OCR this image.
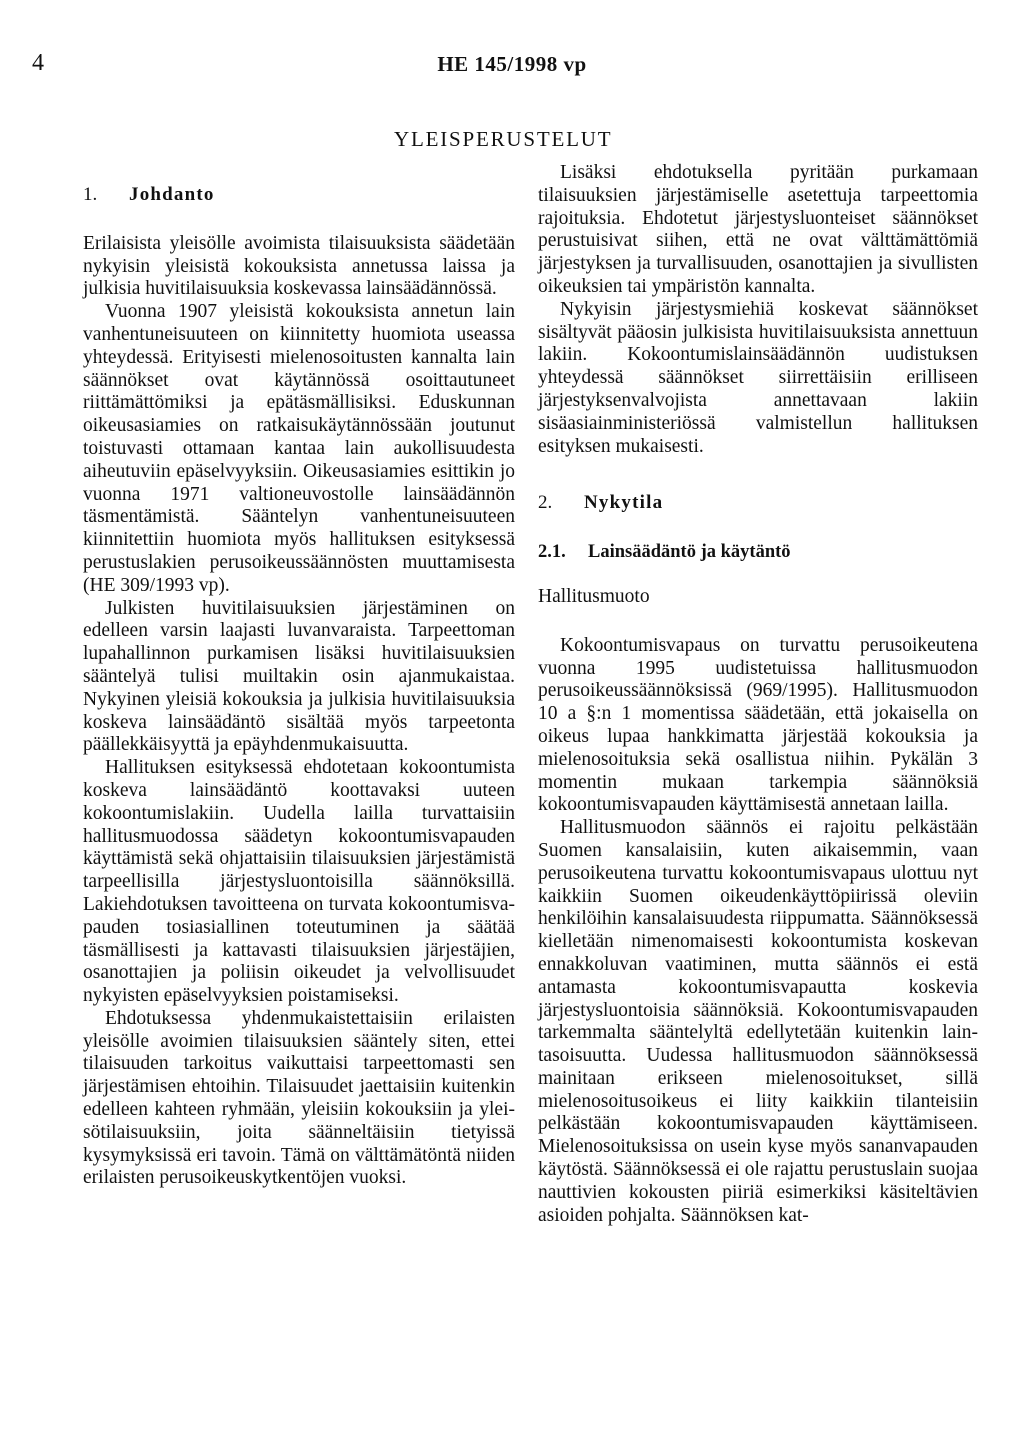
4	HE 145/1998 vp
YLEISPERUSTELUT

1. Johdanto

Erilaisista yleisölle avoimista tilaisuuksista säädetään nykyisin yleisistä kokouksista annetussa laissa ja julkisia huvitilaisuuksia koskevassa lainsäädännössä.

Vuonna 1907 yleisistä kokouksista annetun lain vanhentuneisuuteen on kiinnitetty huomiota useassa yhteydessä. Erityisesti mielenosoitusten kannalta lain säännökset ovat käytännössä osoittautuneet riittämättömiksi ja epätäsmällisiksi. Eduskunnan oikeusasiamies on ratkaisukäytännössään joutunut toistuvasti ottamaan kantaa lain aukollisuudesta aiheutuviin epäselvyyksiin. Oikeusasiamies esittikin jo vuonna 1971 valtioneuvostolle lainsäädännön täsmentämistä. Sääntelyn vanhentuneisuuteen kiinnitettiin huomiota myös hallituksen esityksessä perustuslakien perusoikeussäännösten muuttamisesta (HE 309/1993 vp).

Julkisten huvitilaisuuksien järjestäminen on edelleen varsin laajasti luvanvaraista. Tarpeettoman lupahallinnon purkamisen lisäksi huvitilaisuuksien sääntelyä tulisi muiltakin osin ajanmukaistaa. Nykyinen yleisiä kokouksia ja julkisia huvitilaisuuksia koskeva lainsäädäntö sisältää myös tarpeetonta päällekkäisyyttä ja epäyhdenmukaisuutta.

Hallituksen esityksessä ehdotetaan kokoontumista koskeva lainsäädäntö koottavaksi uuteen kokoontumislakiin. Uudella lailla turvattaisiin hallitusmuodossa säädetyn kokoontumisvapauden käyttämistä sekä ohjattaisiin tilaisuuksien järjestämistä tarpeellisilla järjestysluontoisilla säännöksillä. Lakiehdotuksen tavoitteena on turvata kokoontumisvapauden tosiasiallinen toteutuminen ja säätää täsmällisesti ja kattavasti tilaisuuksien järjestäjien, osanottajien ja poliisin oikeudet ja velvollisuudet nykyisten epäselvyyksien poistamiseksi.

Ehdotuksessa yhdenmukaistettaisiin erilaisten yleisölle avoimien tilaisuuksien sääntely siten, ettei tilaisuuden tarkoitus vaikuttaisi tarpeettomasti sen järjestämisen ehtoihin. Tilaisuudet jaettaisiin kuitenkin edelleen kahteen ryhmään, yleisiin kokouksiin ja yleisötilaisuuksiin, joita säänneltäisiin tietyissä kysymyksissä eri tavoin. Tämä on välttämätöntä niiden erilaisten perusoikeuskytkentöjen vuoksi.

Lisäksi ehdotuksella pyritään purkamaan tilaisuuksien järjestämiselle asetettuja tarpeettomia rajoituksia. Ehdotetut järjestysluonteiset säännökset perustuisivat siihen, että ne ovat välttämättömiä järjestyksen ja turvallisuuden, osanottajien ja sivullisten oikeuksien tai ympäristön kannalta.

Nykyisin järjestysmiehiä koskevat säännökset sisältyvät pääosin julkisista huvitilaisuuksista annettuun lakiin. Kokoontumislainsäädännön uudistuksen yhteydessä säännökset siirrettäisiin erilliseen järjestyksenvalvojista annettavaan lakiin sisäasiainministeriössä valmistellun hallituksen esityksen mukaisesti.

2. Nykytila

2.1. Lainsäädäntö ja käytäntö

Hallitusmuoto

Kokoontumisvapaus on turvattu perusoikeutena vuonna 1995 uudistetuissa hallitusmuodon perusoikeussäännöksissä (969/1995). Hallitusmuodon 10 a §:n 1 momentissa säädetään, että jokaisella on oikeus lupaa hankkimatta järjestää kokouksia ja mielenosoituksia sekä osallistua niihin. Pykälän 3 momentin mukaan tarkempia säännöksiä kokoontumisvapauden käyttämisestä annetaan lailla.

Hallitusmuodon säännös ei rajoitu pelkästään Suomen kansalaisiin, kuten aikaisemmin, vaan perusoikeutena turvattu kokoontumisvapaus ulottuu nyt kaikkiin Suomen oikeudenkäyttöpiirissä oleviin henkilöihin kansalaisuudesta riippumatta. Säännöksessä kielletään nimenomaisesti kokoontumista koskevan ennakkoluvan vaatiminen, mutta säännös ei estä antamasta kokoontumisvapautta koskevia järjestysluontoisia säännöksiä. Kokoontumisvapauden tarkemmalta sääntelyltä edellytetään kuitenkin laintasoisuutta. Uudessa hallitusmuodon säännöksessä mainitaan erikseen mielenosoitukset, sillä mielenosoitusoikeus ei liity kaikkiin tilanteisiin pelkästään kokoontumisvapauden käyttämiseen. Mielenosoituksissa on usein kyse myös sananvapauden käytöstä. Säännöksessä ei ole rajattu perustuslain suojaa nauttivien kokousten piiriä esimerkiksi käsiteltävien asioiden pohjalta. Säännöksen kat-
